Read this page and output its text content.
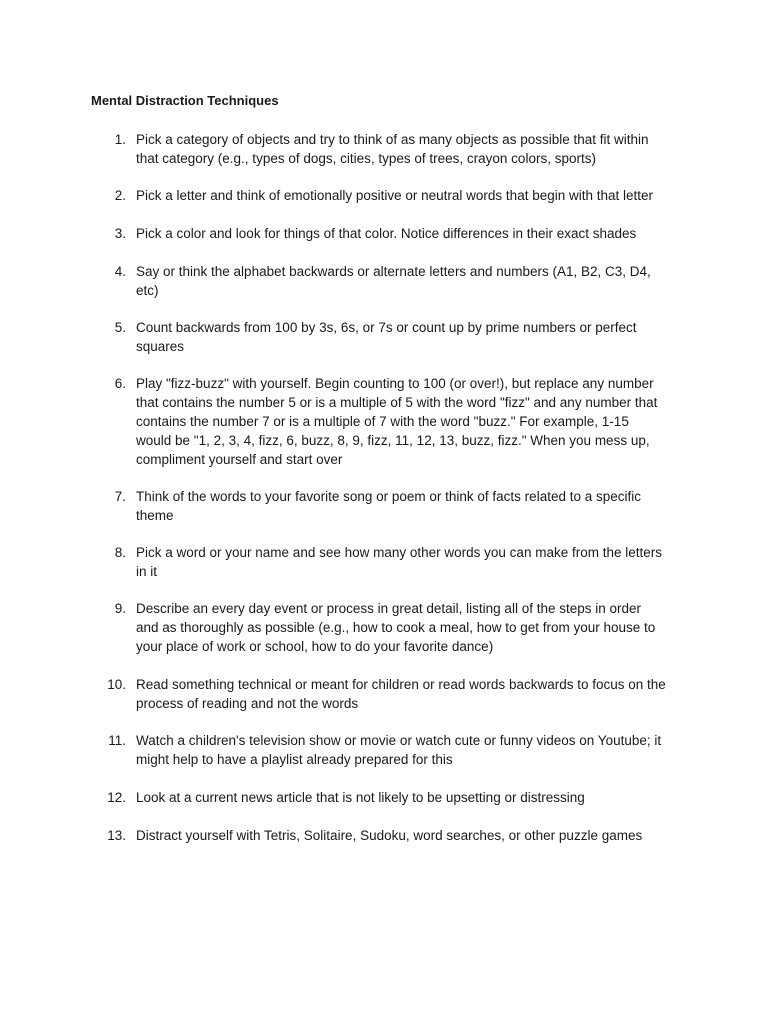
Mental Distraction Techniques
1. Pick a category of objects and try to think of as many objects as possible that fit within
that category (e.g., types of dogs, cities, types of trees, crayon colors, sports)

2. Pick a letter and think of emotionally positive or neutral words that begin with that letter

3. Pick a color and look for things of that color. Notice differences in their exact shades

4. Say or think the alphabet backwards or alternate letters and numbers (A1, B2, C3, D4,
etc)

5. Count backwards from 100 by 3s, 6s, or 7s or count up by prime numbers or perfect
squares

6. Play "fizz-buzz" with yourself. Begin counting to 100 (or over!), but replace any number
that contains the number 5 or is a multiple of 5 with the word "fizz" and any number that
contains the number 7 or is a multiple of 7 with the word "buzz." For example, 1-15
would be "1, 2, 3, 4, fizz, 6, buzz, 8, 9, fizz, 11, 12, 13, buzz, fizz." When you mess up,
compliment yourself and start over

7. Think of the words to your favorite song or poem or think of facts related to a specific
theme

8. Pick a word or your name and see how many other words you can make from the letters
in it

9. Describe an every day event or process in great detail, listing all of the steps in order
and as thoroughly as possible (e.g., how to cook a meal, how to get from your house to
your place of work or school, how to do your favorite dance)

10. Read something technical or meant for children or read words backwards to focus on the
process of reading and not the words

11. Watch a children's television show or movie or watch cute or funny videos on Youtube; it
might help to have a playlist already prepared for this

12. Look at a current news article that is not likely to be upsetting or distressing

13. Distract yourself with Tetris, Solitaire, Sudoku, word searches, or other puzzle games
